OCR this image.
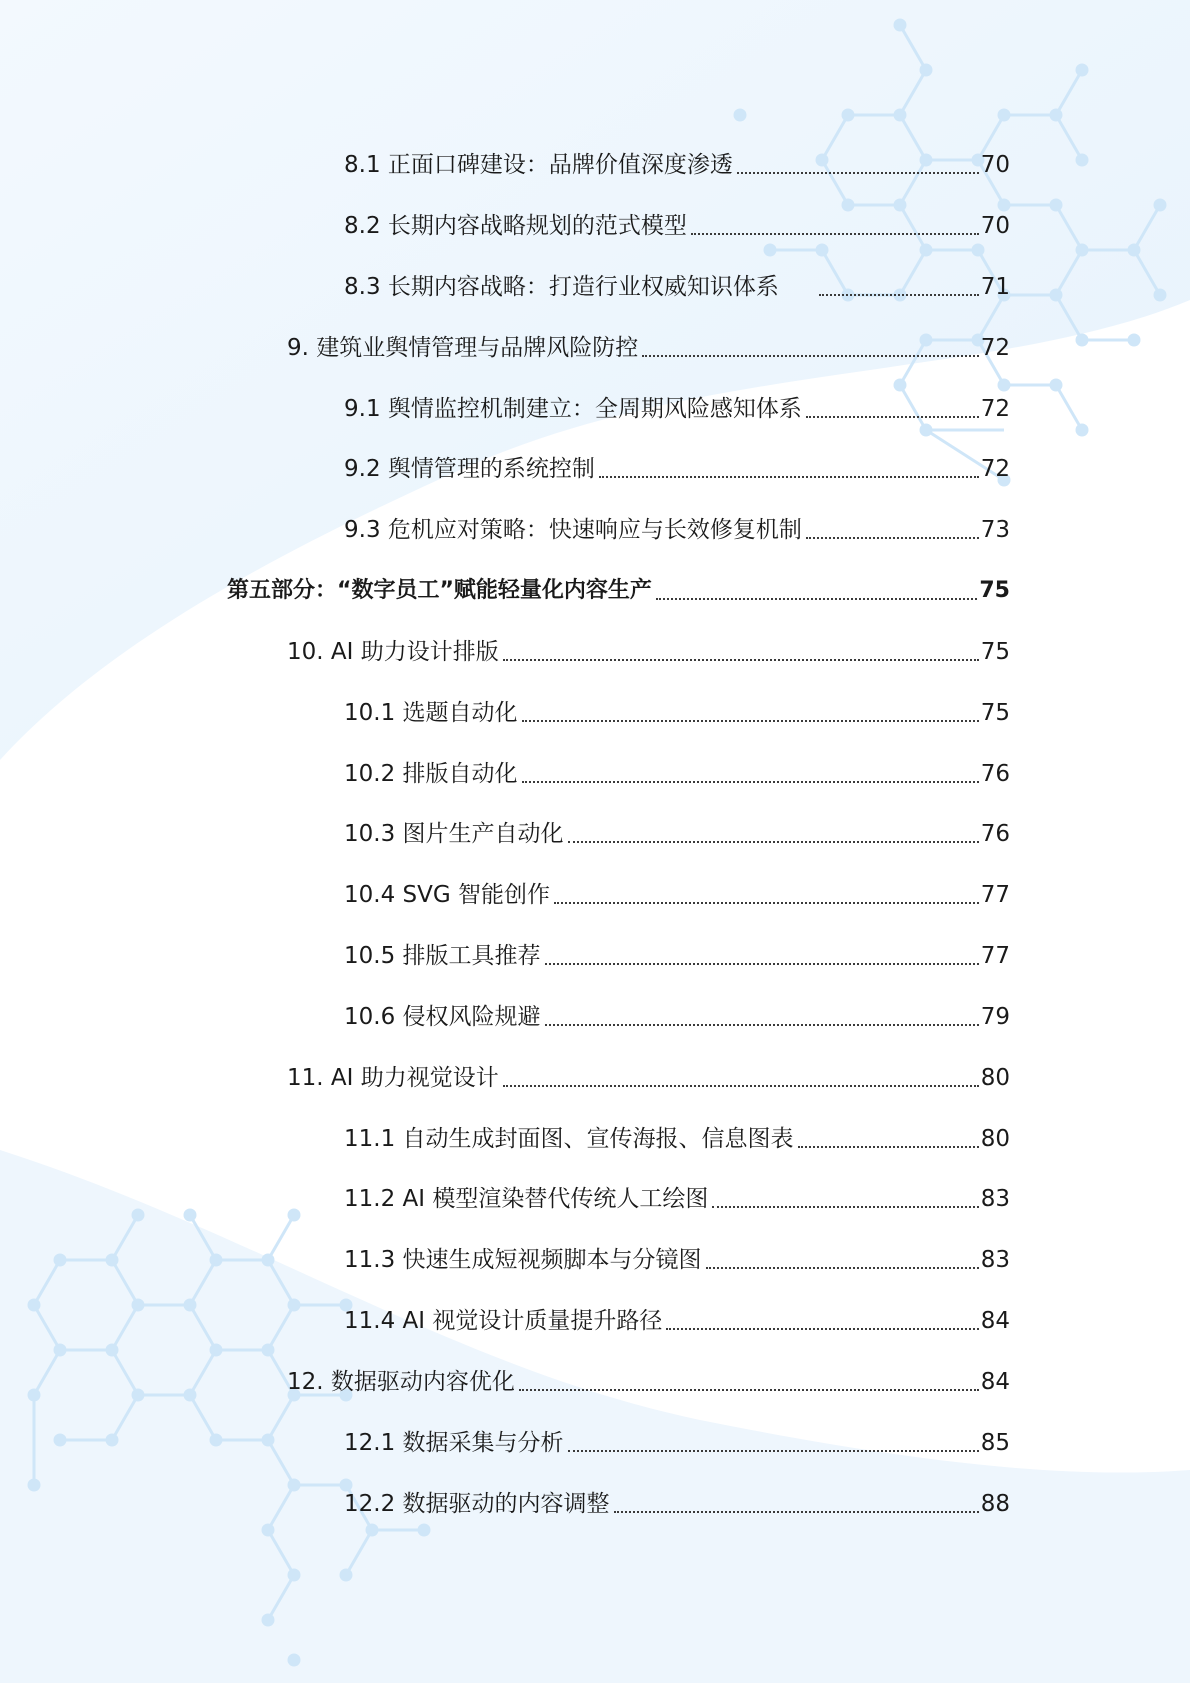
8.1 正面口碑建设：品牌价值深度渗透	70
8.2 长期内容战略规划的范式模型	70
8.3 长期内容战略：打造行业权威知识体系	71
9. 建筑业舆情管理与品牌风险防控	72
9.1 舆情监控机制建立：全周期风险感知体系	72
9.2 舆情管理的系统控制	72
9.3 危机应对策略：快速响应与长效修复机制	73
第五部分：“数字员工”赋能轻量化内容生产	75
10. AI 助力设计排版	75
10.1 选题自动化	75
10.2 排版自动化	76
10.3 图片生产自动化	76
10.4 SVG 智能创作	77
10.5 排版工具推荐	77
10.6 侵权风险规避	79
11. AI 助力视觉设计	80
11.1 自动生成封面图、宣传海报、信息图表	80
11.2 AI 模型渲染替代传统人工绘图	83
11.3 快速生成短视频脚本与分镜图	83
11.4 AI 视觉设计质量提升路径	84
12. 数据驱动内容优化	84
12.1 数据采集与分析	85
12.2 数据驱动的内容调整	88
